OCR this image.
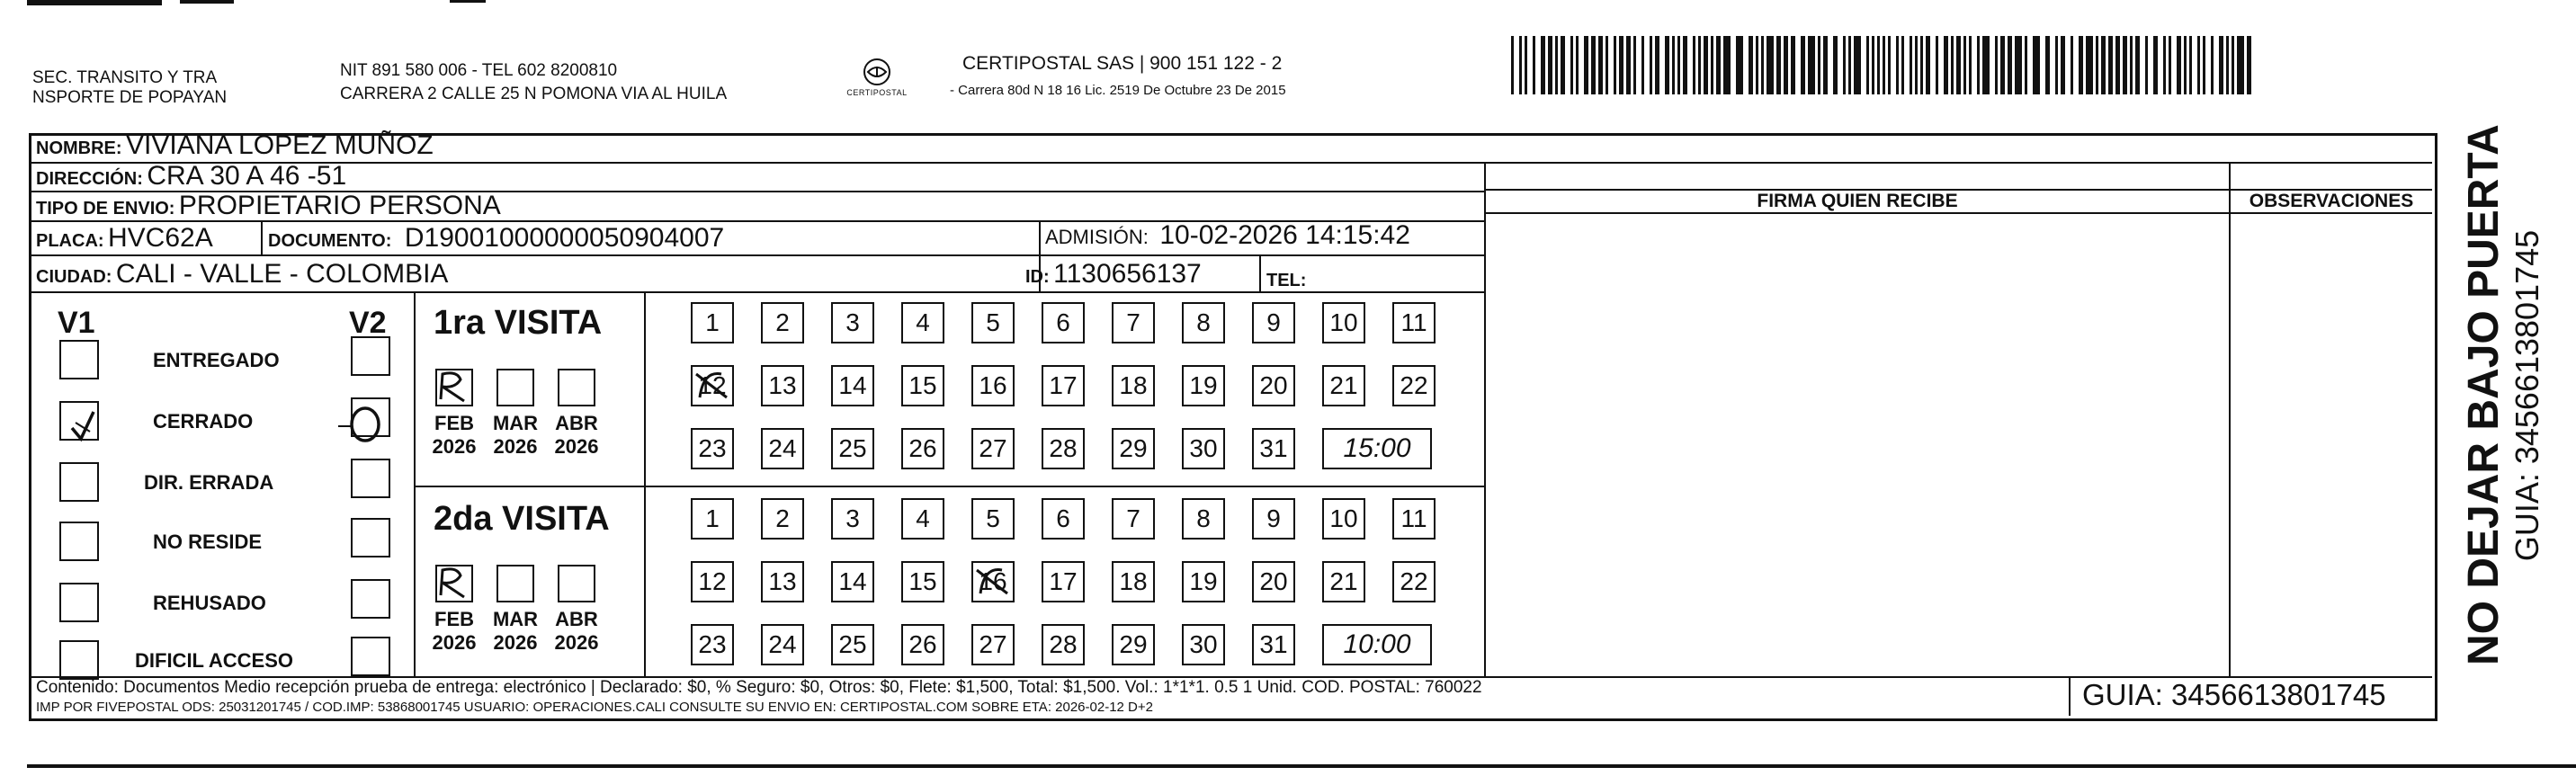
SEC. TRANSITO Y TRA
NSPORTE DE POPAYAN
NIT 891 580 006 - TEL 602 8200810
CARRERA 2 CALLE 25 N POMONA VIA AL HUILA	CERTIPOSTAL
CERTIPOSTAL SAS | 900 151 122 - 2
- Carrera 80d N 18 16 Lic. 2519 De Octubre 23 De 2015
NOMBRE: VIVIANA LOPEZ MUÑOZ
DIRECCIÓN: CRA 30 A 46 -51
TIPO DE ENVIO: PROPIETARIO PERSONA
PLACA: HVC62A	DOCUMENTO: D19001000000050904007	ADMISIÓN: 10-02-2026 14:15:42
CIUDAD: CALI - VALLE - COLOMBIA	ID: 1130656137	TEL:
FIRMA QUIEN RECIBE	OBSERVACIONES
V1	V2
ENTREGADO
CERRADO
DIR. ERRADA
NO RESIDE
REHUSADO
DIFICIL ACCESO
1ra VISITA
FEB
2026
MAR
2026
ABR
2026
1	2	3	4	5	6	7	8	9	10	11
12	13	14	15	16	17	18	19	20	21	22
23	24	25	26	27	28	29	30	31	15:00
2da VISITA
FEB
2026
MAR
2026
ABR
2026
1	2	3	4	5	6	7	8	9	10	11
12	13	14	15	16	17	18	19	20	21	22
23	24	25	26	27	28	29	30	31	10:00
Contenido: Documentos Medio recepción prueba de entrega: electrónico | Declarado: $0, % Seguro: $0, Otros: $0, Flete: $1,500, Total: $1,500. Vol.: 1*1*1. 0.5 1 Unid. COD. POSTAL: 760022
IMP POR FIVEPOSTAL ODS: 25031201745 / COD.IMP: 53868001745 USUARIO: OPERACIONES.CALI CONSULTE SU ENVIO EN: CERTIPOSTAL.COM SOBRE ETA: 2026-02-12 D+2	GUIA: 3456613801745
NO DEJAR BAJO PUERTA GUIA: 3456613801745
